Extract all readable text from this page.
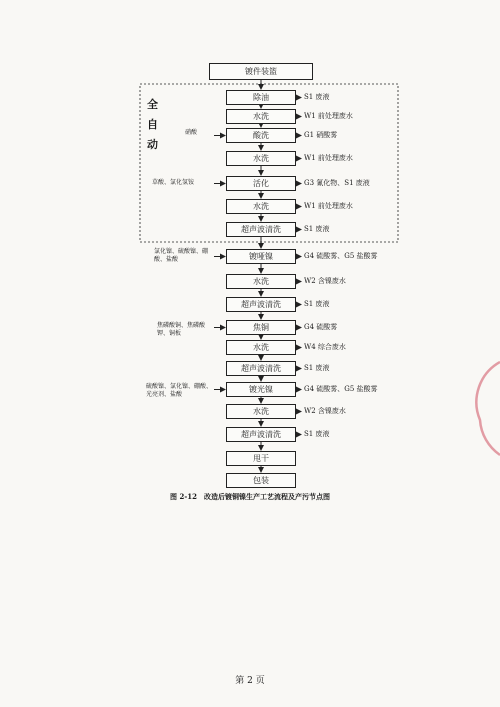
全
自
动
镀件装篮
除油
水洗
酸洗
水洗
活化
水洗
超声波清洗
镀哑镍
水洗
超声波清洗
焦铜
水洗
超声波清洗
镀光镍
水洗
超声波清洗
甩干
包装
S1 废液
W1 前处理废水
G1 硝酸雾
W1 前处理废水
G3 氰化物、S1 废液
W1 前处理废水
S1 废液
G4 硫酸雾、G5 盐酸雾
W2 含镍废水
S1 废液
G4 硫酸雾
W4 综合废水
S1 废液
G4 硫酸雾、G5 盐酸雾
W2 含镍废水
S1 废液
硝酸
草酸、氯化氢铵
氯化镍、硫酸镍、硼酸、盐酸
焦磷酸铜、焦磷酸钾、铜板
硫酸镍、氯化镍、硼酸、光亮剂、盐酸
图 2-12　改造后镀铜镍生产工艺流程及产污节点图
第 2 页
